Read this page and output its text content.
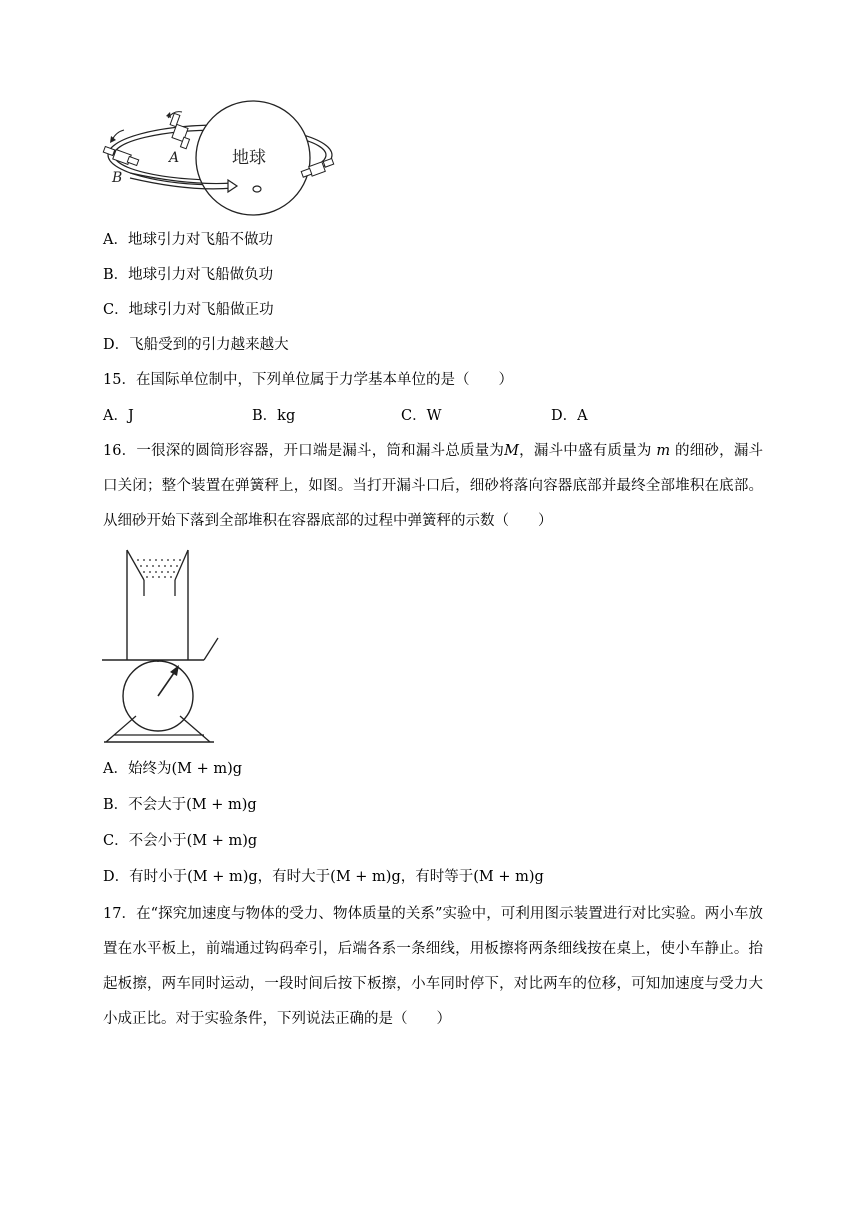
地球
A
B
A．地球引力对飞船不做功
B．地球引力对飞船做负功
C．地球引力对飞船做正功
D．飞船受到的引力越来越大
15．在国际单位制中，下列单位属于力学基本单位的是（　　）
A．J	B．kg	C．W	D．A
16．一很深的圆筒形容器，开口端是漏斗，筒和漏斗总质量为M，漏斗中盛有质量为 m 的细砂，漏斗口关闭；整个装置在弹簧秤上，如图。当打开漏斗口后，细砂将落向容器底部并最终全部堆积在底部。从细砂开始下落到全部堆积在容器底部的过程中弹簧秤的示数（　　）
A．始终为(M + m)g
B．不会大于(M + m)g
C．不会小于(M + m)g
D．有时小于(M + m)g，有时大于(M + m)g，有时等于(M + m)g
17．在“探究加速度与物体的受力、物体质量的关系”实验中，可利用图示装置进行对比实验。两小车放置在水平板上，前端通过钩码牵引，后端各系一条细线，用板擦将两条细线按在桌上，使小车静止。抬起板擦，两车同时运动，一段时间后按下板擦，小车同时停下，对比两车的位移，可知加速度与受力大小成正比。对于实验条件，下列说法正确的是（　　）
